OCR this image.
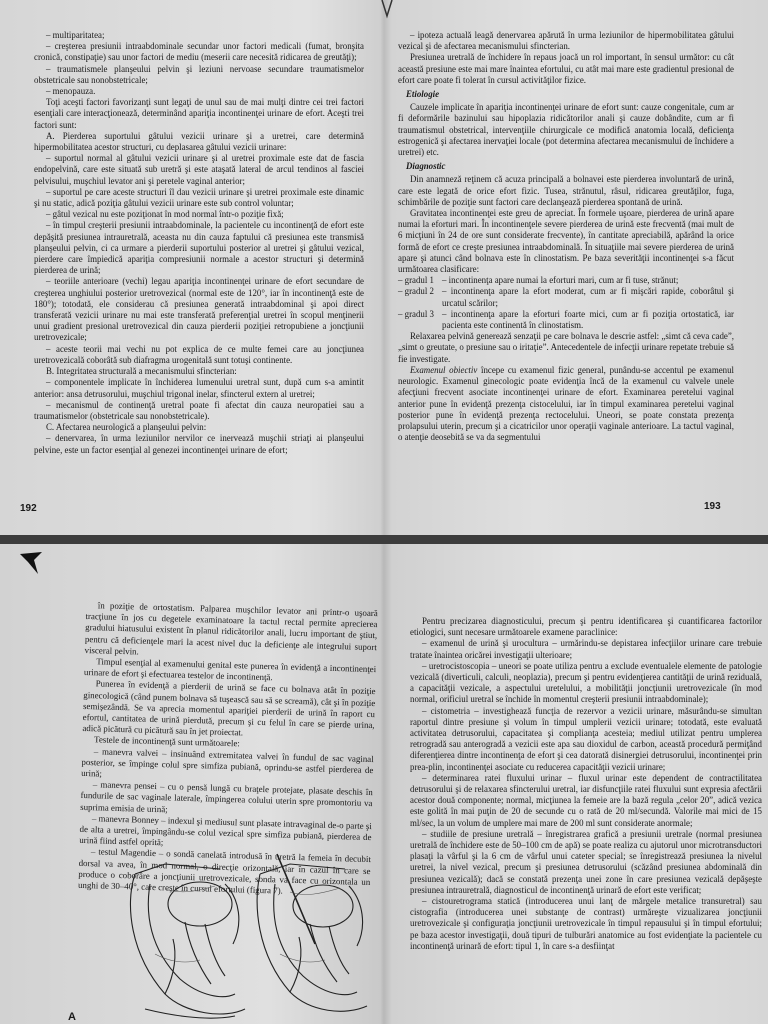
– multiparitatea;

– creşterea presiunii intraabdominale secundar unor factori medicali (fumat, bronşita cronică, constipaţie) sau unor factori de mediu (meserii care necesită ridicarea de greutăţi);

– traumatismele planşeului pelvin şi leziuni nervoase secundare traumatismelor obstetricale sau nonobstetricale;

– menopauza.

Toţi aceşti factori favorizanţi sunt legaţi de unul sau de mai mulţi dintre cei trei factori esenţiali care interacţionează, determinând apariţia incontinenţei urinare de efort. Aceşti trei factori sunt:

A. Pierderea suportului gâtului vezicii urinare şi a uretrei, care determină hipermobilitatea acestor structuri, cu deplasarea gâtului vezicii urinare:

– suportul normal al gâtului vezicii urinare şi al uretrei proximale este dat de fascia endopelvină, care este situată sub uretră şi este ataşată lateral de arcul tendinos al fasciei pelvisului, muşchiul levator ani şi peretele vaginal anterior;

– suportul pe care aceste structuri îl dau vezicii urinare şi uretrei proximale este dinamic şi nu static, adică poziţia gâtului vezicii urinare este sub control voluntar;

– gâtul vezical nu este poziţionat în mod normal într-o poziţie fixă;

– în timpul creşterii presiunii intraabdominale, la pacientele cu incontinenţă de efort este depăşită presiunea intrauretrală, aceasta nu din cauza faptului că presiunea este transmisă planşeului pelvin, ci ca urmare a pierderii suportului posterior al uretrei şi gâtului vezical, pierdere care împiedică apariţia compresiunii normale a acestor structuri şi determină pierderea de urină;

– teoriile anterioare (vechi) legau apariţia incontinenţei urinare de efort secundare de creşterea unghiului posterior uretrovezical (normal este de 120°, iar în incontinenţă este de 180°); totodată, ele considerau că presiunea generată intraabdominal şi apoi direct transferată vezicii urinare nu mai este transferată preferenţial uretrei în scopul menţinerii unui gradient presional uretrovezical din cauza pierderii poziţiei retropubiene a joncţiunii uretrovezicale;

– aceste teorii mai vechi nu pot explica de ce multe femei care au joncţiunea uretrovezicală coborâtă sub diafragma urogenitală sunt totuşi continente.

B. Integritatea structurală a mecanismului sfincterian:

– componentele implicate în închiderea lumenului uretral sunt, după cum s-a amintit anterior: ansa detrusorului, muşchiul trigonal inelar, sfincterul extern al uretrei;

– mecanismul de continenţă uretral poate fi afectat din cauza neuropatiei sau a traumatismelor (obstetricale sau nonobstetricale).

C. Afectarea neurologică a planşeului pelvin:

– denervarea, în urma leziunilor nervilor ce inervează muşchii striaţi ai planşeului pelvine, este un factor esenţial al genezei incontinenţei urinare de efort;

192

– ipoteza actuală leagă denervarea apărută în urma leziunilor de hipermobilitatea gâtului vezical şi de afectarea mecanismului sfincterian.

Presiunea uretrală de închidere în repaus joacă un rol important, în sensul următor: cu cât această presiune este mai mare înaintea efortului, cu atât mai mare este gradientul presional de efort care poate fi tolerat în cursul activităţilor fizice.

Etiologie

Cauzele implicate în apariţia incontinenţei urinare de efort sunt: cauze congenitale, cum ar fi deformările bazinului sau hipoplazia ridicătorilor anali şi cauze dobândite, cum ar fi traumatismul obstetrical, intervenţiile chirurgicale ce modifică anatomia locală, deficienţa estrogenică şi afectarea inervaţiei locale (pot determina afectarea mecanismului de închidere a uretrei) etc.

Diagnostic

Din anamneză reţinem că acuza principală a bolnavei este pierderea involuntară de urină, care este legată de orice efort fizic. Tusea, strănutul, râsul, ridicarea greutăţilor, fuga, schimbările de poziţie sunt factori care declanşează pierderea spontană de urină.

Gravitatea incontinenţei este greu de apreciat. În formele uşoare, pierderea de urină apare numai la eforturi mari. În incontinenţele severe pierderea de urină este frecventă (mai mult de 6 micţiuni în 24 de ore sunt considerate frecvente), în cantitate apreciabilă, apărând la orice formă de efort ce creşte presiunea intraabdominală. În situaţiile mai severe pierderea de urină apare şi atunci când bolnava este în clinostatism. Pe baza severităţii incontinenţei s-a făcut următoarea clasificare:

– gradul 1 – incontinenţa apare numai la eforturi mari, cum ar fi tuse, strănut;
– gradul 2 – incontinenţa apare la efort moderat, cum ar fi mişcări rapide, coborâtul şi urcatul scărilor;
– gradul 3 – incontinenţa apare la eforturi foarte mici, cum ar fi poziţia ortostatică, iar pacienta este continentă în clinostatism.

Relaxarea pelvină generează senzaţii pe care bolnava le descrie astfel: „simt că ceva cade”, „simt o greutate, o presiune sau o iritaţie”. Antecedentele de infecţii urinare repetate trebuie să fie investigate.

Examenul obiectiv începe cu examenul fizic general, punându-se accentul pe examenul neurologic. Examenul ginecologic poate evidenţia încă de la examenul cu valvele unele afecţiuni frecvent asociate incontinenţei urinare de efort. Examinarea peretelui vaginal anterior pune în evidenţă prezenţa cistocelului, iar în timpul examinarea peretelui vaginal posterior pune în evidenţă prezenţa rectocelului. Uneori, se poate constata prezenţa prolapsului uterin, precum şi a cicatricilor unor operaţii vaginale anterioare. La tactul vaginal, o atenţie deosebită se va da segmentului

193

în poziţie de ortostatism. Palparea muşchilor levator ani printr-o uşoară tracţiune în jos cu degetele examinatoare la tactul rectal permite aprecierea gradului hiatusului existent în planul ridicătorilor anali, lucru important de ştiut, pentru că deficienţele mari la acest nivel duc la deficienţe ale integrului suport visceral pelvin.

Timpul esenţial al examenului genital este punerea în evidenţă a incontinenţei urinare de efort şi efectuarea testelor de incontinenţă.

Punerea în evidenţă a pierderii de urină se face cu bolnava atât în poziţie ginecologică (când punem bolnava să tuşească sau să se screamă), cât şi în poziţie semişezândă. Se va aprecia momentul apariţiei pierderii de urină în raport cu efortul, cantitatea de urină pierdută, precum şi cu felul în care se pierde urina, adică picătură cu picătură sau în jet proiectat.

Testele de incontinenţă sunt următoarele:

– manevra valvei – insinuând extremitatea valvei în fundul de sac vaginal posterior, se împinge colul spre simfiza pubiană, oprindu-se astfel pierderea de urină;

– manevra pensei – cu o pensă lungă cu braţele protejate, plasate deschis în fundurile de sac vaginale laterale, împingerea colului uterin spre promontoriu va suprima emisia de urină;

– manevra Bonney – indexul şi mediusul sunt plasate intravaginal de-o parte şi de alta a uretrei, împingându-se colul vezical spre simfiza pubiană, pierderea de urină fiind astfel oprită;

– testul Magendie – o sondă canelată introdusă în uretră la femeia în decubit dorsal va avea, în mod normal, o direcţie orizontală, iar în cazul în care se produce o coborâre a joncţiunii uretrovezicale, sonda va face cu orizontala un unghi de 30–40°, care creşte în cursul efortului (figura 7).

A

Pentru precizarea diagnosticului, precum şi pentru identificarea şi cuantificarea factorilor etiologici, sunt necesare următoarele examene paraclinice:

– examenul de urină şi urocultura – urmărindu-se depistarea infecţiilor urinare care trebuie tratate înaintea oricărei investigaţii ulterioare;

– uretrocistoscopia – uneori se poate utiliza pentru a exclude eventualele elemente de patologie vezicală (diverticuli, calculi, neoplazia), precum şi pentru evidenţierea cantităţii de urină reziduală, a capacităţii vezicale, a aspectului uretelului, a mobilităţii joncţiunii uretrovezicale (în mod normal, orificiul uretral se închide în momentul creşterii presiunii intraabdominale);

– cistometria – investighează funcţia de rezervor a vezicii urinare, măsurându-se simultan raportul dintre presiune şi volum în timpul umplerii vezicii urinare; totodată, este evaluată activitatea detrusorului, capacitatea şi complianţa acesteia; mediul utilizat pentru umplerea retrogradă sau anterogradă a vezicii este apa sau dioxidul de carbon, această procedură permiţând diferenţierea dintre incontinenţa de efort şi cea datorată disinergiei detrusorului, incontinenţei prin prea-plin, incontinenţei asociate cu reducerea capacităţii vezicii urinare;

– determinarea ratei fluxului urinar – fluxul urinar este dependent de contractilitatea detrusorului şi de relaxarea sfincterului uretral, iar disfuncţiile ratei fluxului sunt expresia afectării acestor două componente; normal, micţiunea la femeie are la bază regula „celor 20”, adică vezica este golită în mai puţin de 20 de secunde cu o rată de 20 ml/secundă. Valorile mai mici de 15 ml/sec, la un volum de umplere mai mare de 200 ml sunt considerate anormale;

– studiile de presiune uretrală – înregistrarea grafică a presiunii uretrale (normal presiunea uretrală de închidere este de 50–100 cm de apă) se poate realiza cu ajutorul unor microtransductori plasaţi la vârful şi la 6 cm de vârful unui cateter special; se înregistrează presiunea la nivelul uretrei, la nivel vezical, precum şi presiunea detrusorului (scăzând presiunea abdominală din presiunea vezicală); dacă se constată prezenţa unei zone în care presiunea vezicală depăşeşte presiunea intrauretrală, diagnosticul de incontinenţă urinară de efort este verificat;

– cistouretrograma statică (introducerea unui lanţ de mărgele metalice transuretral) sau cistografia (introducerea unei substanţe de contrast) urmăreşte vizualizarea joncţiunii uretrovezicale şi configuraţia joncţiunii uretrovezicale în timpul repausului şi în timpul efortului; pe baza acestor investigaţii, două tipuri de tulburări anatomice au fost evidenţiate la pacientele cu incontinenţă urinară de efort: tipul 1, în care s-a desfiinţat
